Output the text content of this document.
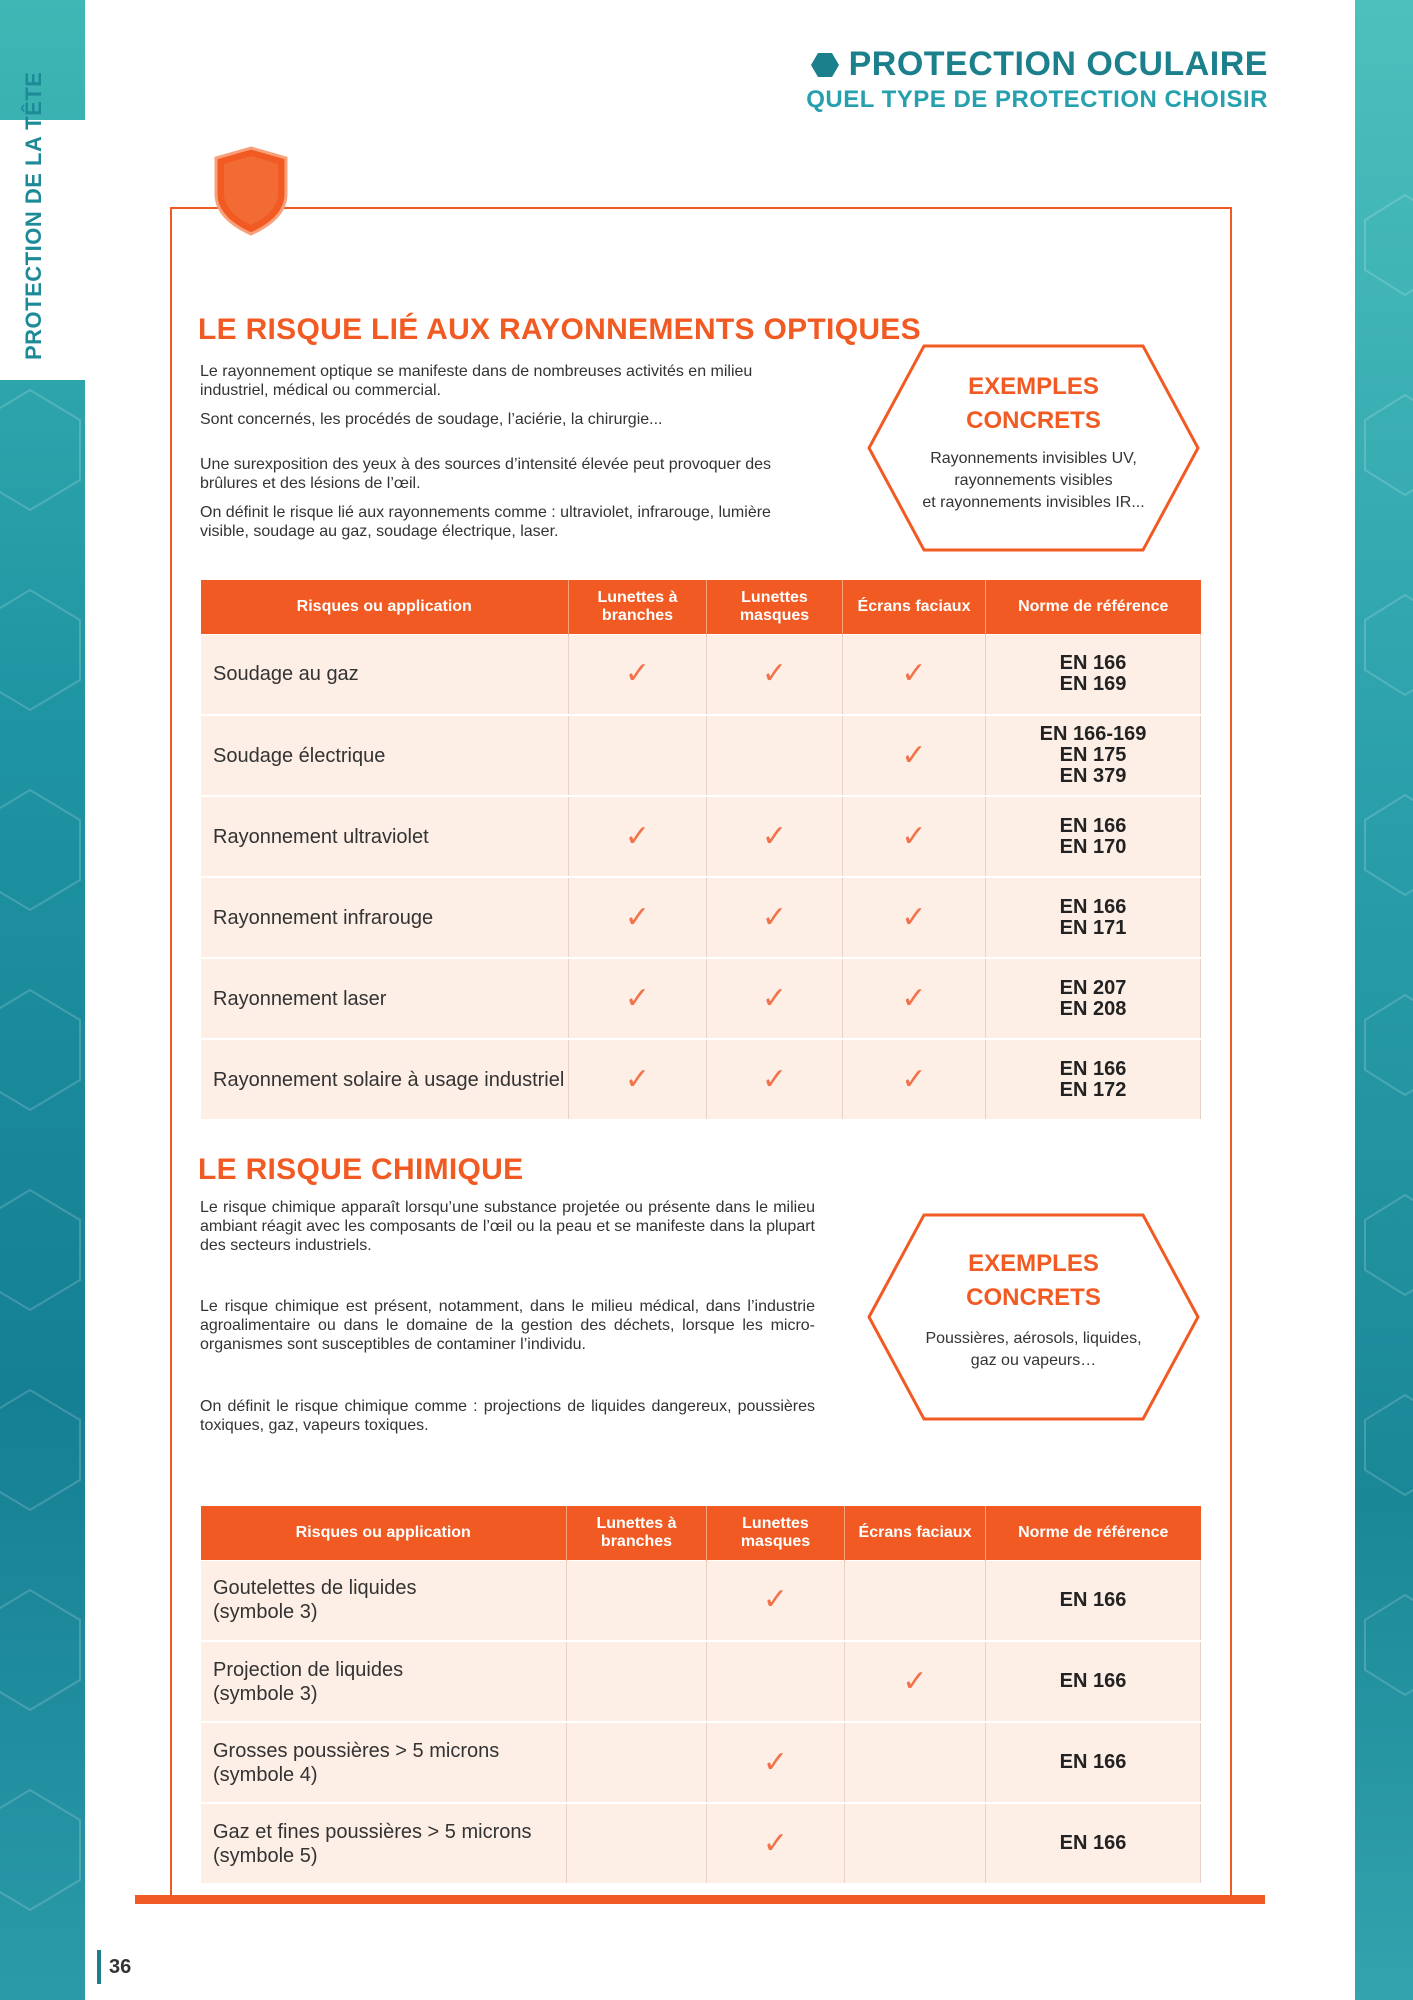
PROTECTION DE LA TÊTE
PROTECTION OCULAIRE
QUEL TYPE DE PROTECTION CHOISIR
LE RISQUE LIÉ AUX RAYONNEMENTS OPTIQUES
Le rayonnement optique se manifeste dans de nombreuses activités en milieu industriel, médical ou commercial.
Sont concernés, les procédés de soudage, l’aciérie, la chirurgie...
Une surexposition des yeux à des sources d’intensité élevée peut provoquer des brûlures et des lésions de l’œil.
On définit le risque lié aux rayonnements comme : ultraviolet, infrarouge, lumière visible, soudage au gaz, soudage électrique, laser.
EXEMPLES
CONCRETS
Rayonnements invisibles UV,
rayonnements visibles
et rayonnements invisibles IR...
Risques ou application	Lunettes à branches	Lunettes masques	Écrans faciaux	Norme de référence
Soudage au gaz	✓	✓	✓	EN 166
EN 169

Soudage électrique			✓	EN 166-169
EN 175
EN 379

Rayonnement ultraviolet	✓	✓	✓	EN 166
EN 170

Rayonnement infrarouge	✓	✓	✓	EN 166
EN 171

Rayonnement laser	✓	✓	✓	EN 207
EN 208

Rayonnement solaire à usage industriel	✓	✓	✓	EN 166
EN 172
LE RISQUE CHIMIQUE
Le risque chimique apparaît lorsqu’une substance projetée ou présente dans le milieu ambiant réagit avec les composants de l’œil ou la peau et se manifeste dans la plupart des secteurs industriels.
Le risque chimique est présent, notamment, dans le milieu médical, dans l’industrie agroalimentaire ou dans le domaine de la gestion des déchets, lorsque les micro-organismes sont susceptibles de contaminer l’individu.
On définit le risque chimique comme : projections de liquides dangereux, poussières toxiques, gaz, vapeurs toxiques.
EXEMPLES
CONCRETS
Poussières, aérosols, liquides,
gaz ou vapeurs…
Risques ou application	Lunettes à branches	Lunettes masques	Écrans faciaux	Norme de référence

Goutelettes de liquides
(symbole 3)		✓		EN 166

Projection de liquides
(symbole 3)			✓	EN 166

Grosses poussières > 5 microns
(symbole 4)		✓		EN 166

Gaz et fines poussières > 5 microns
(symbole 5)		✓		EN 166
36
